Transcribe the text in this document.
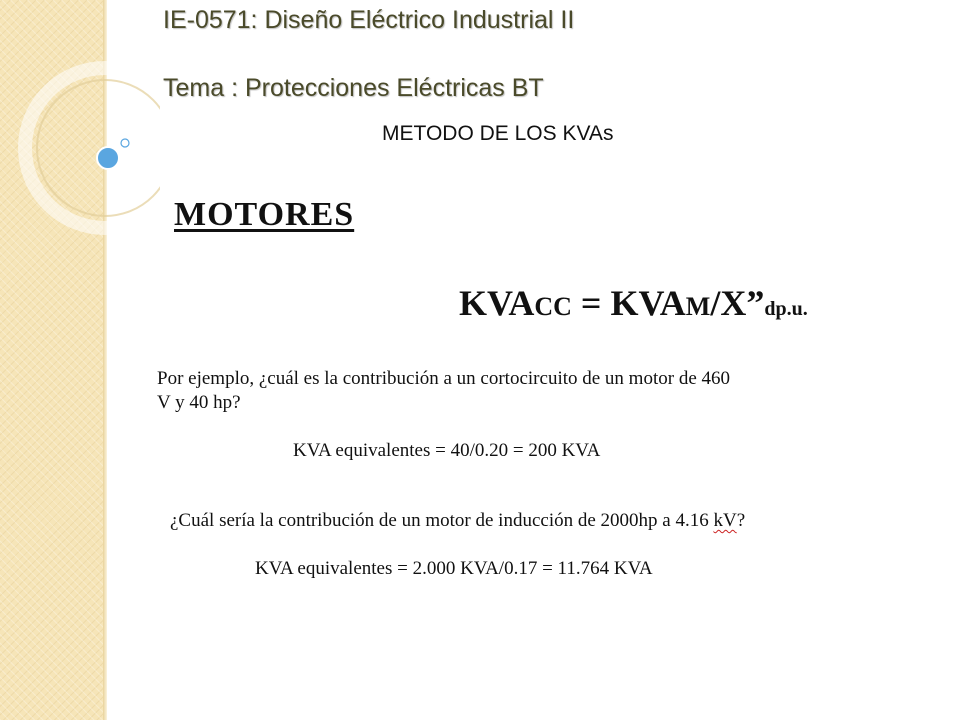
IE-0571: Diseño Eléctrico Industrial II
Tema : Protecciones Eléctricas BT
METODO DE LOS KVAs
MOTORES
KVACC = KVAM/X”dp.u.
Por ejemplo, ¿cuál es la contribución a un cortocircuito de un motor de 460
V y 40 hp?
KVA equivalentes = 40/0.20 = 200 KVA
¿Cuál sería la contribución de un motor de inducción de 2000hp a 4.16 kV?
KVA equivalentes = 2.000 KVA/0.17 = 11.764 KVA
